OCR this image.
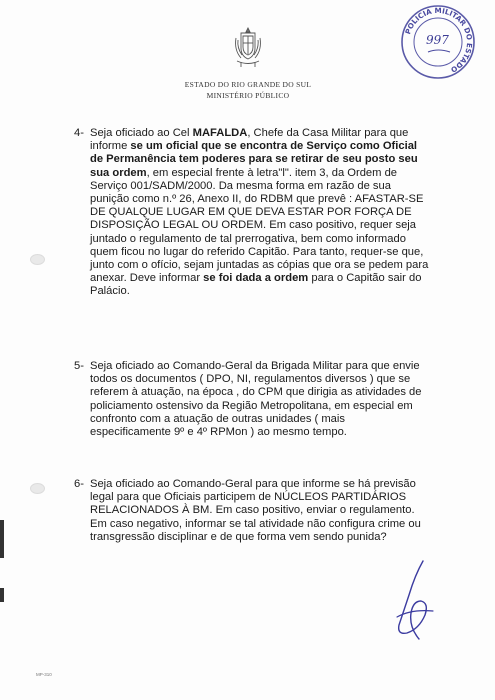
ESTADO DO RIO GRANDE DO SUL
MINISTÉRIO PÚBLICO
POLICIA MILITAR DO ESTADO
997
4- Seja oficiado ao Cel MAFALDA, Chefe da Casa Militar para que
informe se um oficial que se encontra de Serviço como Oficial
de Permanência tem poderes para se retirar de seu posto seu
sua ordem, em especial frente à letra"l". item 3, da Ordem de
Serviço 001/SADM/2000. Da mesma forma em razão de sua
punição como n.º 26, Anexo II, do RDBM que prevê : AFASTAR-SE
DE QUALQUE LUGAR EM QUE DEVA ESTAR POR FORÇA DE
DISPOSIÇÃO LEGAL OU ORDEM. Em caso positivo, requer seja
juntado o regulamento de tal prerrogativa, bem como informado
quem ficou no lugar do referido Capitão. Para tanto, requer-se que,
junto com o ofício, sejam juntadas as cópias que ora se pedem para
anexar. Deve informar se foi dada a ordem para o Capitão sair do
Palácio.
5- Seja oficiado ao Comando-Geral da Brigada Militar para que envie
todos os documentos ( DPO, NI, regulamentos diversos ) que se
referem à atuação, na época , do CPM que dirigia as atividades de
policiamento ostensivo da Região Metropolitana, em especial em
confronto com a atuação de outras unidades ( mais
especificamente 9º e 4º RPMon ) ao mesmo tempo.
6- Seja oficiado ao Comando-Geral para que informe se há previsão
legal para que Oficiais participem de NÚCLEOS PARTIDÁRIOS
RELACIONADOS À BM. Em caso positivo, enviar o regulamento.
Em caso negativo, informar se tal atividade não configura crime ou
transgressão disciplinar e de que forma vem sendo punida?
MP-310
